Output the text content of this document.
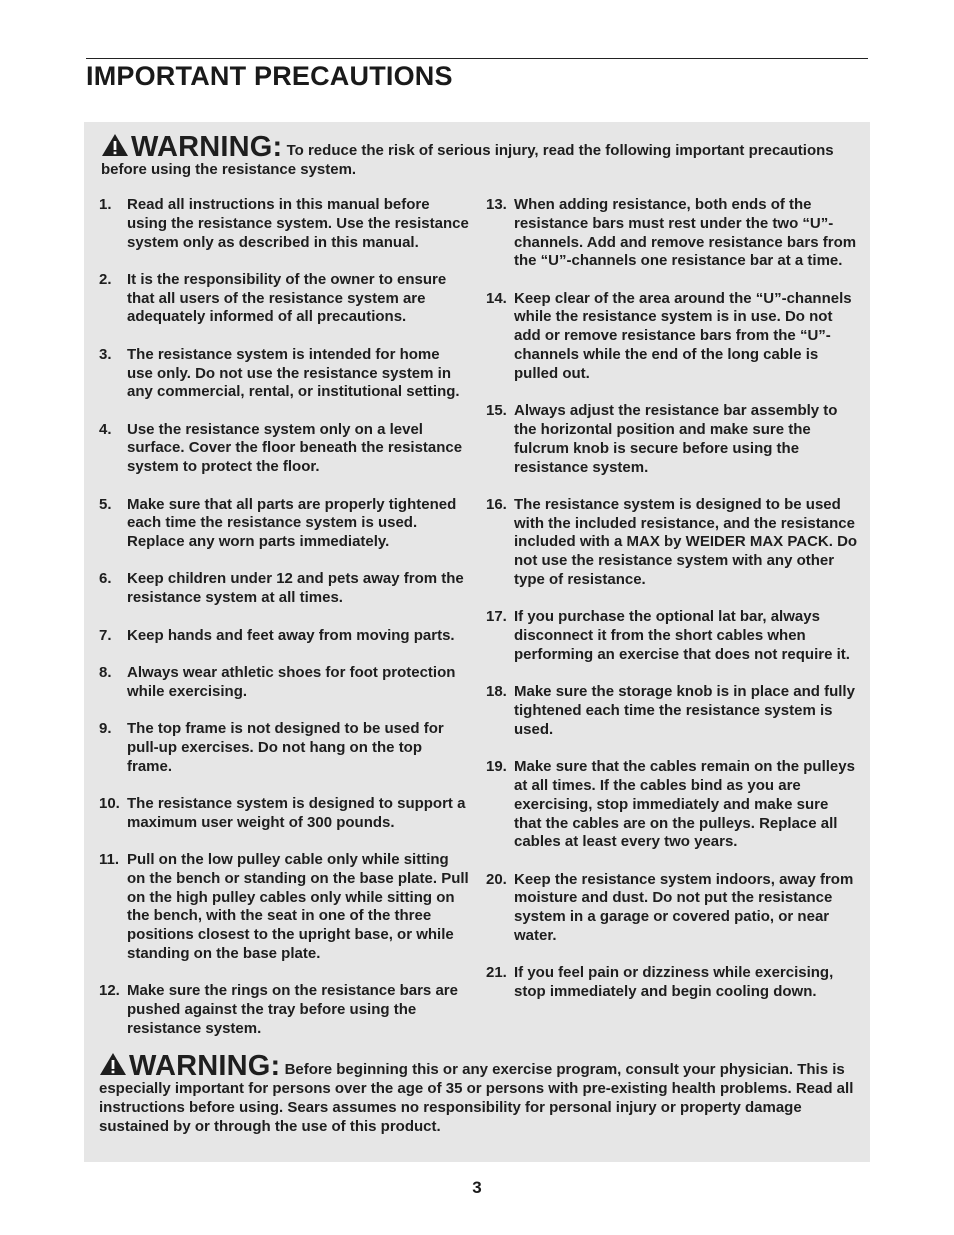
IMPORTANT PRECAUTIONS
WARNING: To reduce the risk of serious injury, read the following important precautions before using the resistance system.
1. Read all instructions in this manual before using the resistance system. Use the resistance system only as described in this manual.
2. It is the responsibility of the owner to ensure that all users of the resistance system are adequately informed of all precautions.
3. The resistance system is intended for home use only. Do not use the resistance system in any commercial, rental, or institutional setting.
4. Use the resistance system only on a level surface. Cover the floor beneath the resistance system to protect the floor.
5. Make sure that all parts are properly tightened each time the resistance system is used. Replace any worn parts immediately.
6. Keep children under 12 and pets away from the resistance system at all times.
7. Keep hands and feet away from moving parts.
8. Always wear athletic shoes for foot protection while exercising.
9. The top frame is not designed to be used for pull-up exercises. Do not hang on the top frame.
10. The resistance system is designed to support a maximum user weight of 300 pounds.
11. Pull on the low pulley cable only while sitting on the bench or standing on the base plate. Pull on the high pulley cables only while sitting on the bench, with the seat in one of the three positions closest to the upright base, or while standing on the base plate.
12. Make sure the rings on the resistance bars are pushed against the tray before using the resistance system.
13. When adding resistance, both ends of the resistance bars must rest under the two “U”-channels. Add and remove resistance bars from the “U”-channels one resistance bar at a time.
14. Keep clear of the area around the “U”-channels while the resistance system is in use. Do not add or remove resistance bars from the “U”-channels while the end of the long cable is pulled out.
15. Always adjust the resistance bar assembly to the horizontal position and make sure the fulcrum knob is secure before using the resistance system.
16. The resistance system is designed to be used with the included resistance, and the resistance included with a MAX by WEIDER MAX PACK. Do not use the resistance system with any other type of resistance.
17. If you purchase the optional lat bar, always disconnect it from the short cables when performing an exercise that does not require it.
18. Make sure the storage knob is in place and fully tightened each time the resistance system is used.
19. Make sure that the cables remain on the pulleys at all times. If the cables bind as you are exercising, stop immediately and make sure that the cables are on the pulleys. Replace all cables at least every two years.
20. Keep the resistance system indoors, away from moisture and dust. Do not put the resistance system in a garage or covered patio, or near water.
21. If you feel pain or dizziness while exercising, stop immediately and begin cooling down.
WARNING: Before beginning this or any exercise program, consult your physician. This is especially important for persons over the age of 35 or persons with pre-existing health problems. Read all instructions before using. Sears assumes no responsibility for personal injury or property damage sustained by or through the use of this product.
3
